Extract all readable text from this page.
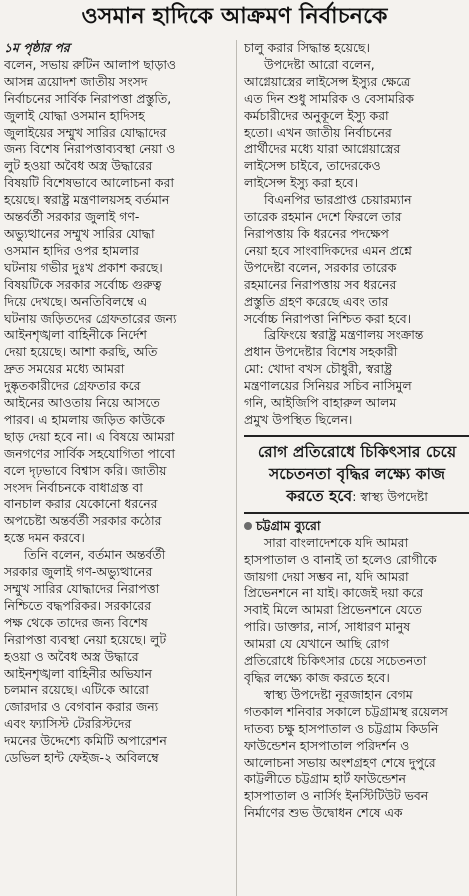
ওসমান হাদিকে আক্রমণ নির্বাচনকে
১ম পৃষ্ঠার পর
বলেন, সভায় রুটিন আলাপ ছাড়াও
আসন্ন ত্রয়োদশ জাতীয় সংসদ
নির্বাচনের সার্বিক নিরাপত্তা প্রস্তুতি,
জুলাই যোদ্ধা ওসমান হাদিসহ
জুলাইয়ের সম্মুখ সারির যোদ্ধাদের
জন্য বিশেষ নিরাপত্তাব্যবস্থা নেয়া ও
লুট হওয়া অবৈধ অস্ত্র উদ্ধারের
বিষয়টি বিশেষভাবে আলোচনা করা
হয়েছে। স্বরাষ্ট্র মন্ত্রণালয়সহ বর্তমান
অন্তর্বর্তী সরকার জুলাই গণ-
অভ্যুত্থানের সম্মুখ সারির যোদ্ধা
ওসমান হাদির ওপর হামলার
ঘটনায় গভীর দুঃখ প্রকাশ করছে।
বিষয়টিকে সরকার সর্বোচ্চ গুরুত্ব
দিয়ে দেখছে। অনতিবিলম্বে এ
ঘটনায় জড়িতদের গ্রেফতারের জন্য
আইনশৃঙ্খলা বাহিনীকে নির্দেশ
দেয়া হয়েছে। আশা করছি, অতি
দ্রুত সময়ের মধ্যে আমরা
দুষ্কৃতকারীদের গ্রেফতার করে
আইনের আওতায় নিয়ে আসতে
পারব। এ হামলায় জড়িত কাউকে
ছাড় দেয়া হবে না। এ বিষয়ে আমরা
জনগণের সার্বিক সহযোগিতা পাবো
বলে দৃঢ়ভাবে বিশ্বাস করি। জাতীয়
সংসদ নির্বাচনকে বাধাগ্রস্ত বা
বানচাল করার যেকোনো ধরনের
অপচেষ্টা অন্তর্বর্তী সরকার কঠোর
হস্তে দমন করবে।
তিনি বলেন, বর্তমান অন্তর্বর্তী
সরকার জুলাই গণ-অভ্যুত্থানের
সম্মুখ সারির যোদ্ধাদের নিরাপত্তা
নিশ্চিতে বদ্ধপরিকর। সরকারের
পক্ষ থেকে তাদের জন্য বিশেষ
নিরাপত্তা ব্যবস্থা নেয়া হয়েছে। লুট
হওয়া ও অবৈধ অস্ত্র উদ্ধারে
আইনশৃঙ্খলা বাহিনীর অভিযান
চলমান রয়েছে। এটিকে আরো
জোরদার ও বেগবান করার জন্য
এবং ফ্যাসিস্ট টেররিস্টদের
দমনের উদ্দেশ্যে কমিটি অপারেশন
ডেভিল হান্ট ফেইজ-২ অবিলম্বে
চালু করার সিদ্ধান্ত হয়েছে।
উপদেষ্টা আরো বলেন,
আগ্নেয়াস্ত্রের লাইসেন্স ইস্যুর ক্ষেত্রে
এত দিন শুধু সামরিক ও বেসামরিক
কর্মচারীদের অনুকূলে ইস্যু করা
হতো। এখন জাতীয় নির্বাচনের
প্রার্থীদের মধ্যে যারা আগ্নেয়াস্ত্রের
লাইসেন্স চাইবে, তাদেরকেও
লাইসেন্স ইস্যু করা হবে।
বিএনপির ভারপ্রাপ্ত চেয়ারম্যান
তারেক রহমান দেশে ফিরলে তার
নিরাপত্তায় কি ধরনের পদক্ষেপ
নেয়া হবে সাংবাদিকদের এমন প্রশ্নে
উপদেষ্টা বলেন, সরকার তারেক
রহমানের নিরাপত্তায় সব ধরনের
প্রস্তুতি গ্রহণ করেছে এবং তার
সর্বোচ্চ নিরাপত্তা নিশ্চিত করা হবে।
ব্রিফিংয়ে স্বরাষ্ট্র মন্ত্রণালয় সংক্রান্ত
প্রধান উপদেষ্টার বিশেষ সহকারী
মো: খোদা বখস চৌধুরী, স্বরাষ্ট্র
মন্ত্রণালয়ের সিনিয়র সচিব নাসিমুল
গনি, আইজিপি বাহারুল আলম
প্রমুখ উপস্থিত ছিলেন।
রোগ প্রতিরোধে চিকিৎসার চেয়ে
সচেতনতা বৃদ্ধির লক্ষ্যে কাজ
করতে হবে: স্বাস্থ্য উপদেষ্টা
চট্টগ্রাম ব্যুরো
সারা বাংলাদেশকে যদি আমরা
হাসপাতাল ও বানাই তা হলেও রোগীকে
জায়গা দেয়া সম্ভব না, যদি আমরা
প্রিভেনশনে না যাই। কাজেই দয়া করে
সবাই মিলে আমরা প্রিভেনশনে যেতে
পারি। ডাক্তার, নার্স, সাধারণ মানুষ
আমরা যে যেখানে আছি রোগ
প্রতিরোধে চিকিৎসার চেয়ে সচেতনতা
বৃদ্ধির লক্ষ্যে কাজ করতে হবে।
স্বাস্থ্য উপদেষ্টা নূরজাহান বেগম
গতকাল শনিবার সকালে চট্টগ্রামস্থ রয়েলস
দাতব্য চক্ষু হাসপাতাল ও চট্টগ্রাম কিডনি
ফাউন্ডেশন হাসপাতাল পরিদর্শন ও
আলোচনা সভায় অংশগ্রহণ শেষে দুপুরে
কাট্টলীতে চট্টগ্রাম হার্ট ফাউন্ডেশন
হাসপাতাল ও নার্সিং ইনস্টিটিউট ভবন
নির্মাণের শুভ উদ্বোধন শেষে এক
